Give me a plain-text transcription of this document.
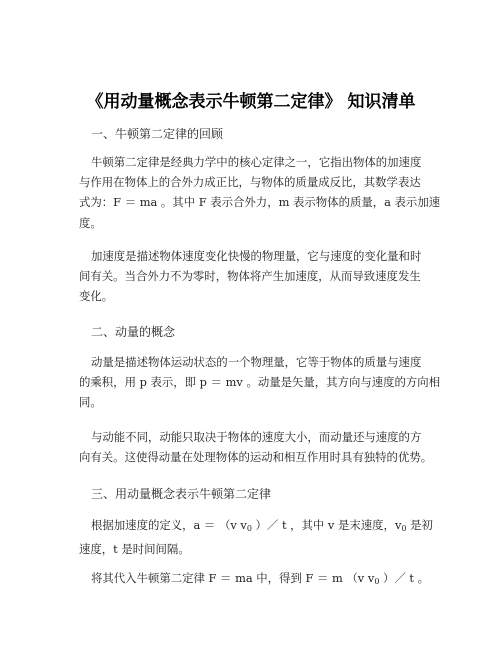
《用动量概念表示牛顿第二定律》 知识清单
一、牛顿第二定律的回顾
牛顿第二定律是经典力学中的核心定律之一，它指出物体的加速度
与作用在物体上的合外力成正比，与物体的质量成反比，其数学表达
式为：F ＝ ma 。其中 F 表示合外力，m 表示物体的质量，a 表示加速
度。
加速度是描述物体速度变化快慢的物理量，它与速度的变化量和时
间有关。当合外力不为零时，物体将产生加速度，从而导致速度发生
变化。
二、动量的概念
动量是描述物体运动状态的一个物理量，它等于物体的质量与速度
的乘积，用 p 表示，即 p ＝ mv 。动量是矢量，其方向与速度的方向相
同。
与动能不同，动能只取决于物体的速度大小，而动量还与速度的方
向有关。这使得动量在处理物体的运动和相互作用时具有独特的优势。
三、用动量概念表示牛顿第二定律
根据加速度的定义，a ＝ （v $v_0$ ）／ t ，其中 v 是末速度，$v_0$ 是初
速度，t 是时间间隔。
将其代入牛顿第二定律 F ＝ ma 中，得到 F ＝ m （v $v_0$ ）／ t 。
